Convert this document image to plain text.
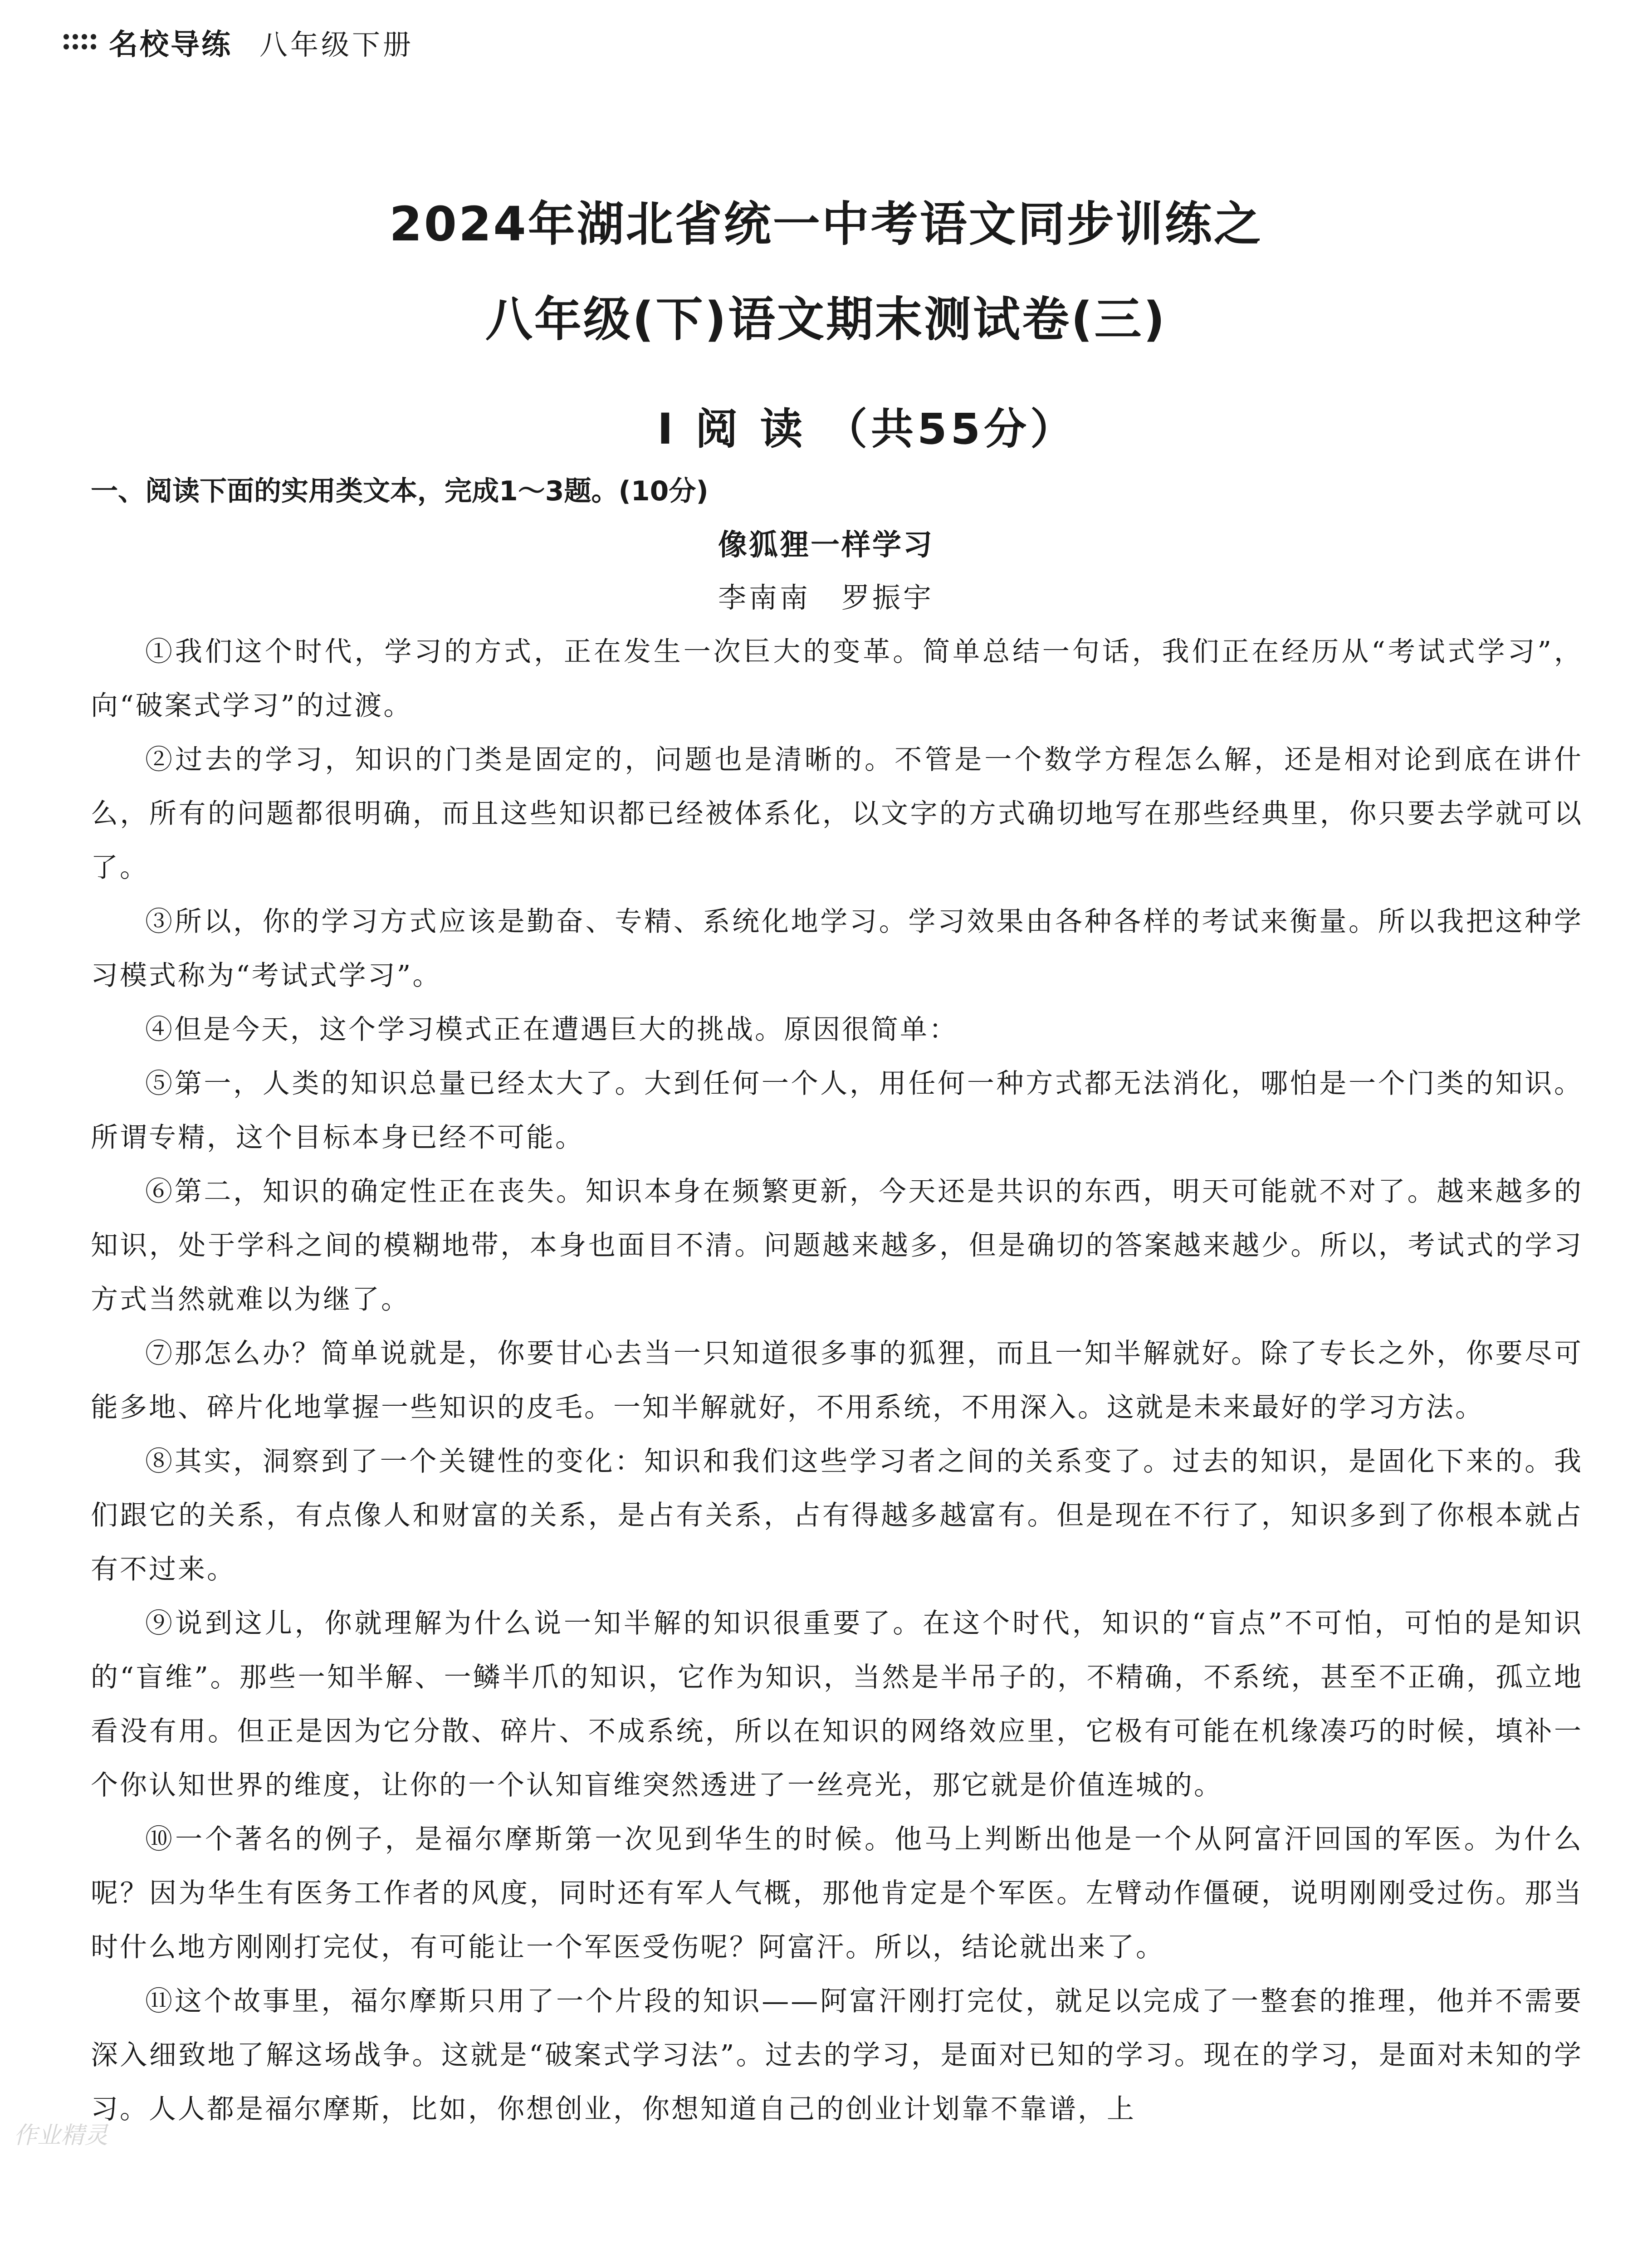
名校导练 八年级下册
2024年湖北省统一中考语文同步训练之
八年级(下)语文期末测试卷(三)
Ⅰ 阅 读 （共55分）
一、阅读下面的实用类文本，完成1～3题。(10分)
像狐狸一样学习
李南南　罗振宇

①我们这个时代，学习的方式，正在发生一次巨大的变革。简单总结一句话，我们正在经历从“考试式学习”，向“破案式学习”的过渡。

②过去的学习，知识的门类是固定的，问题也是清晰的。不管是一个数学方程怎么解，还是相对论到底在讲什么，所有的问题都很明确，而且这些知识都已经被体系化，以文字的方式确切地写在那些经典里，你只要去学就可以了。

③所以，你的学习方式应该是勤奋、专精、系统化地学习。学习效果由各种各样的考试来衡量。所以我把这种学习模式称为“考试式学习”。

④但是今天，这个学习模式正在遭遇巨大的挑战。原因很简单：

⑤第一，人类的知识总量已经太大了。大到任何一个人，用任何一种方式都无法消化，哪怕是一个门类的知识。所谓专精，这个目标本身已经不可能。

⑥第二，知识的确定性正在丧失。知识本身在频繁更新，今天还是共识的东西，明天可能就不对了。越来越多的知识，处于学科之间的模糊地带，本身也面目不清。问题越来越多，但是确切的答案越来越少。所以，考试式的学习方式当然就难以为继了。

⑦那怎么办？简单说就是，你要甘心去当一只知道很多事的狐狸，而且一知半解就好。除了专长之外，你要尽可能多地、碎片化地掌握一些知识的皮毛。一知半解就好，不用系统，不用深入。这就是未来最好的学习方法。

⑧其实，洞察到了一个关键性的变化：知识和我们这些学习者之间的关系变了。过去的知识，是固化下来的。我们跟它的关系，有点像人和财富的关系，是占有关系，占有得越多越富有。但是现在不行了，知识多到了你根本就占有不过来。

⑨说到这儿，你就理解为什么说一知半解的知识很重要了。在这个时代，知识的“盲点”不可怕，可怕的是知识的“盲维”。那些一知半解、一鳞半爪的知识，它作为知识，当然是半吊子的，不精确，不系统，甚至不正确，孤立地看没有用。但正是因为它分散、碎片、不成系统，所以在知识的网络效应里，它极有可能在机缘凑巧的时候，填补一个你认知世界的维度，让你的一个认知盲维突然透进了一丝亮光，那它就是价值连城的。

⑩一个著名的例子，是福尔摩斯第一次见到华生的时候。他马上判断出他是一个从阿富汗回国的军医。为什么呢？因为华生有医务工作者的风度，同时还有军人气概，那他肯定是个军医。左臂动作僵硬，说明刚刚受过伤。那当时什么地方刚刚打完仗，有可能让一个军医受伤呢？阿富汗。所以，结论就出来了。

⑪这个故事里，福尔摩斯只用了一个片段的知识——阿富汗刚打完仗，就足以完成了一整套的推理，他并不需要深入细致地了解这场战争。这就是“破案式学习法”。过去的学习，是面对已知的学习。现在的学习，是面对未知的学习。人人都是福尔摩斯，比如，你想创业，你想知道自己的创业计划靠不靠谱，上

作业精灵
